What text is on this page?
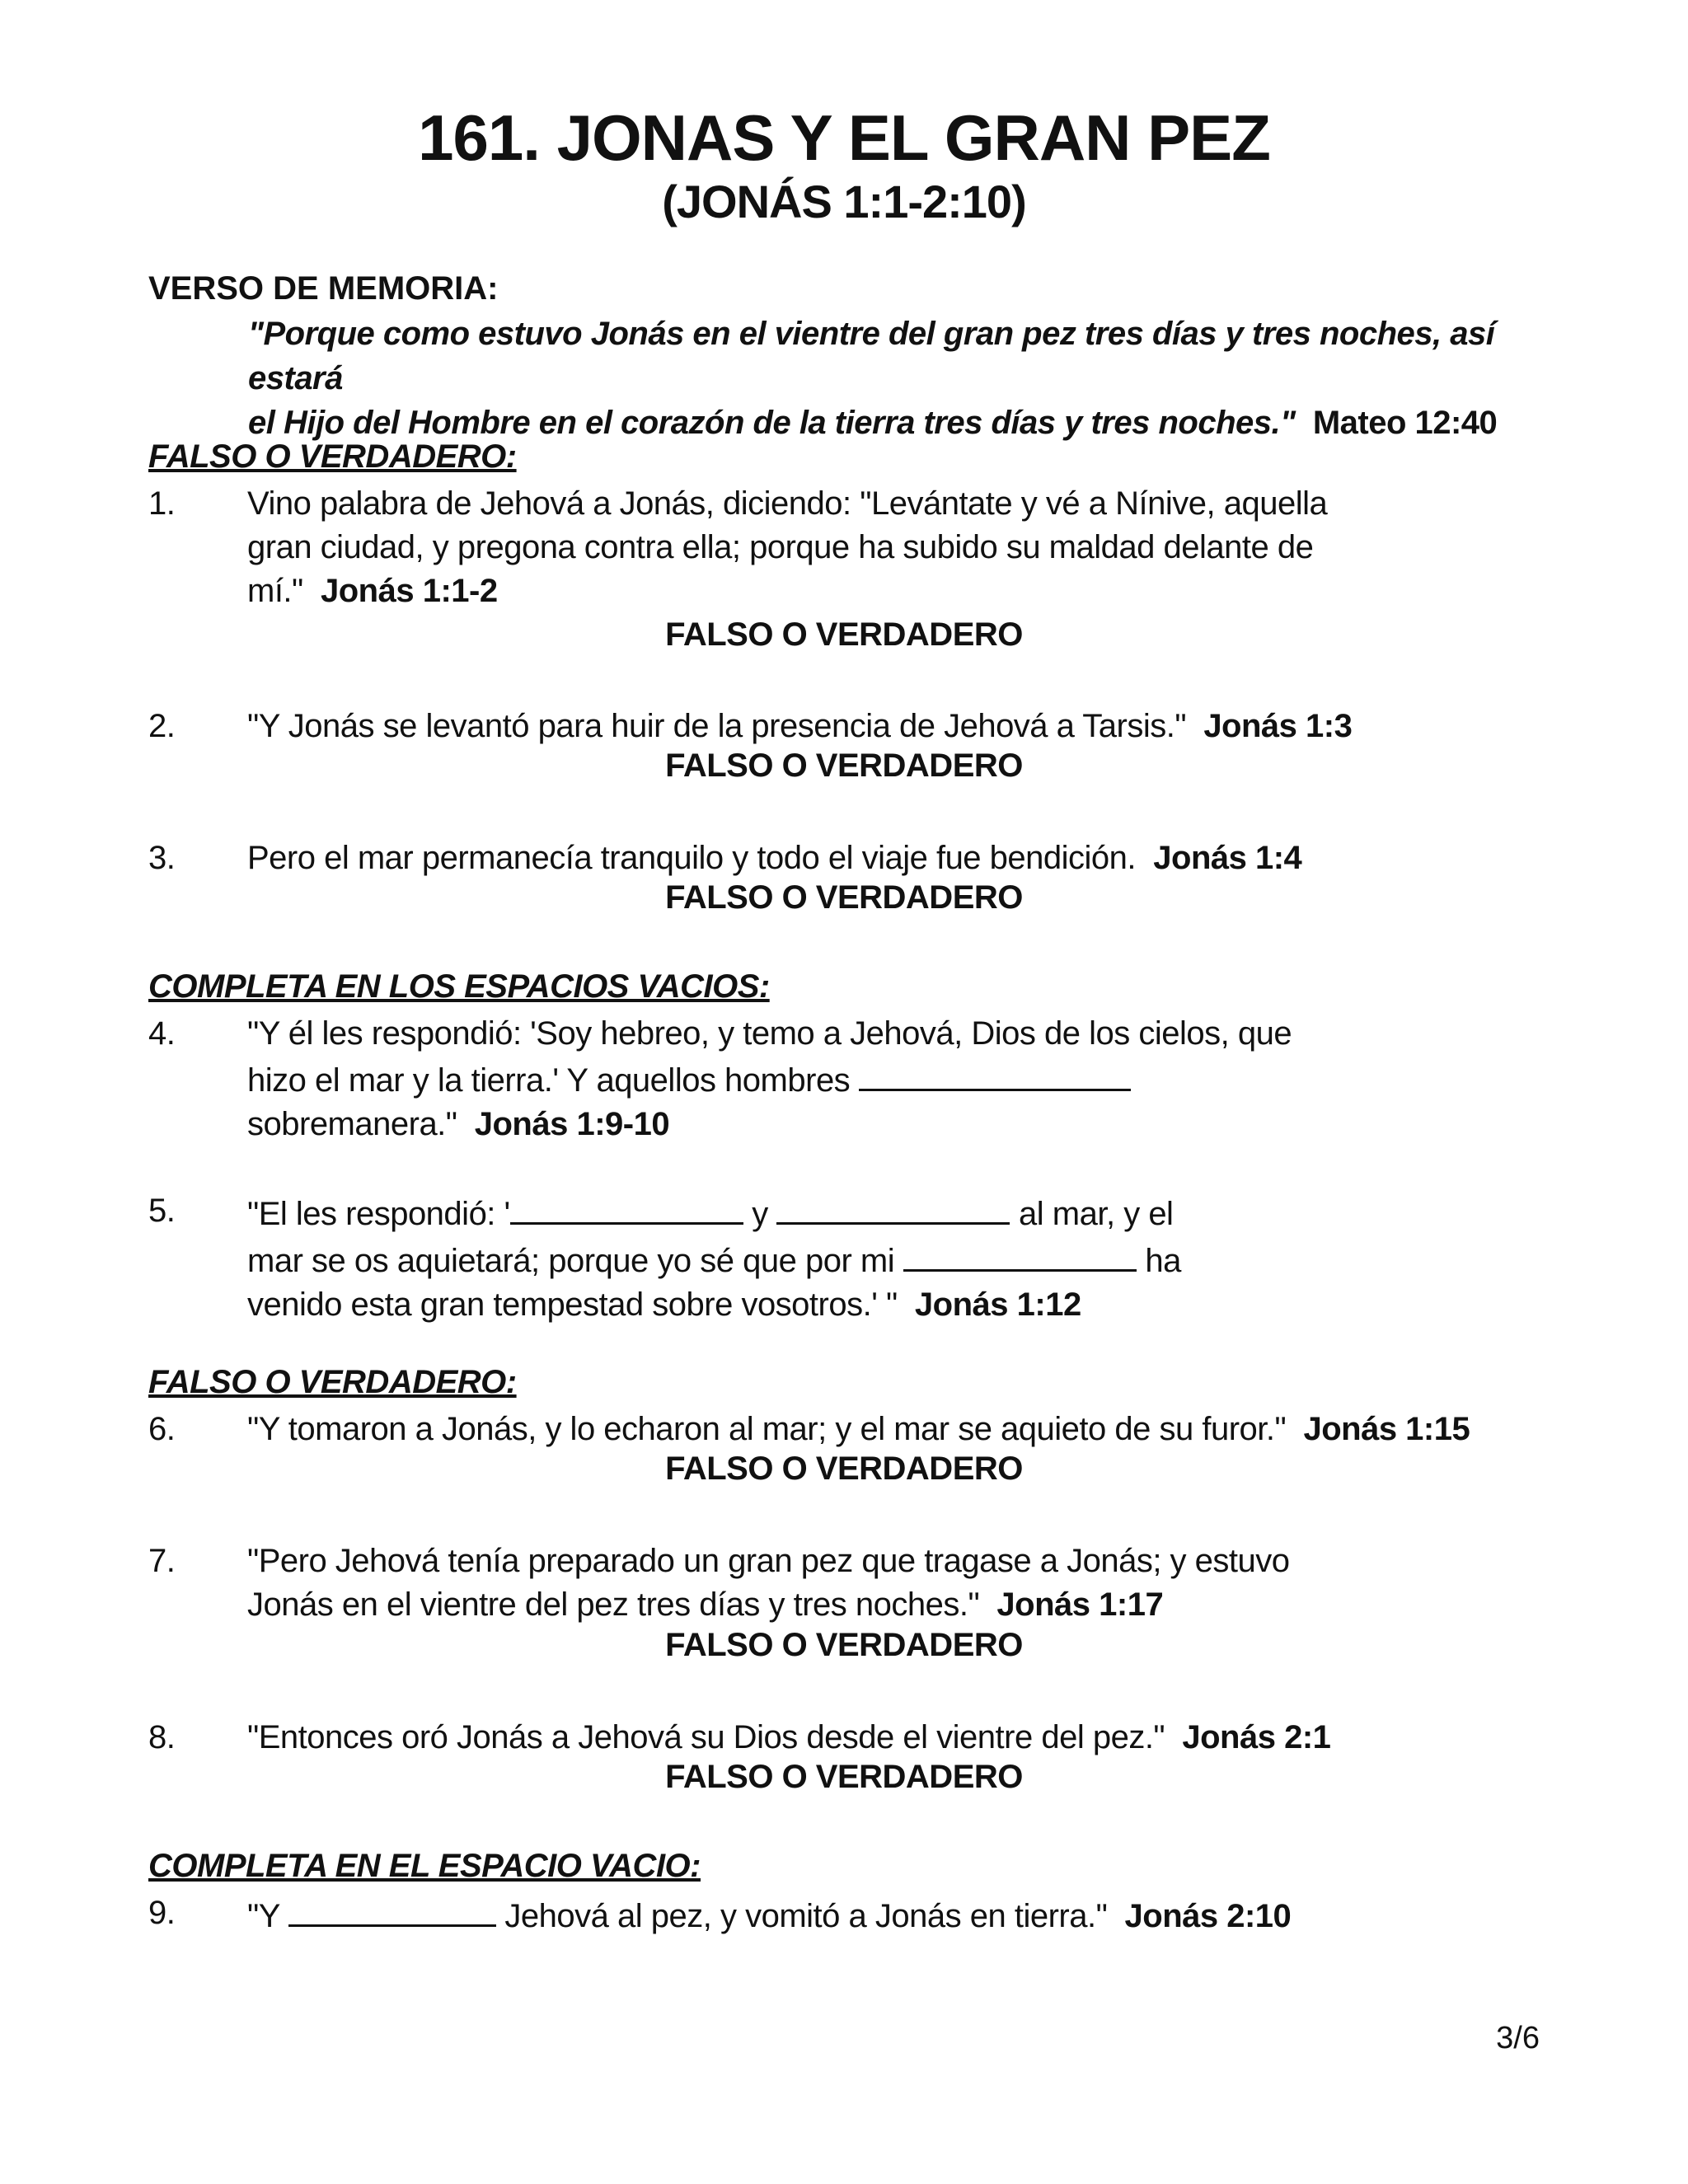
161. JONAS Y EL GRAN PEZ
(JONÁS 1:1-2:10)
VERSO DE MEMORIA:
"Porque como estuvo Jonás en el vientre del gran pez tres días y tres noches, así estará
el Hijo del Hombre en el corazón de la tierra tres días y tres noches." Mateo 12:40
FALSO O VERDADERO:
1. Vino palabra de Jehová a Jonás, diciendo: "Levántate y vé a Nínive, aquella
gran ciudad, y pregona contra ella; porque ha subido su maldad delante de
mí." Jonás 1:1-2
FALSO O VERDADERO
2. "Y Jonás se levantó para huir de la presencia de Jehová a Tarsis." Jonás 1:3
FALSO O VERDADERO
3. Pero el mar permanecía tranquilo y todo el viaje fue bendición. Jonás 1:4
FALSO O VERDADERO
COMPLETA EN LOS ESPACIOS VACIOS:
4. "Y él les respondió: 'Soy hebreo, y temo a Jehová, Dios de los cielos, que
hizo el mar y la tierra.' Y aquellos hombres
sobremanera." Jonás 1:9-10
5. "El les respondió: '	y	al mar, y el
mar se os aquietará; porque yo sé que por mi	ha
venido esta gran tempestad sobre vosotros.' " Jonás 1:12
FALSO O VERDADERO:
6. "Y tomaron a Jonás, y lo echaron al mar; y el mar se aquieto de su furor." Jonás 1:15
FALSO O VERDADERO
7. "Pero Jehová tenía preparado un gran pez que tragase a Jonás; y estuvo
Jonás en el vientre del pez tres días y tres noches." Jonás 1:17
FALSO O VERDADERO
8. "Entonces oró Jonás a Jehová su Dios desde el vientre del pez." Jonás 2:1
FALSO O VERDADERO
COMPLETA EN EL ESPACIO VACIO:
9. "Y	Jehová al pez, y vomitó a Jonás en tierra." Jonás 2:10
3/6
